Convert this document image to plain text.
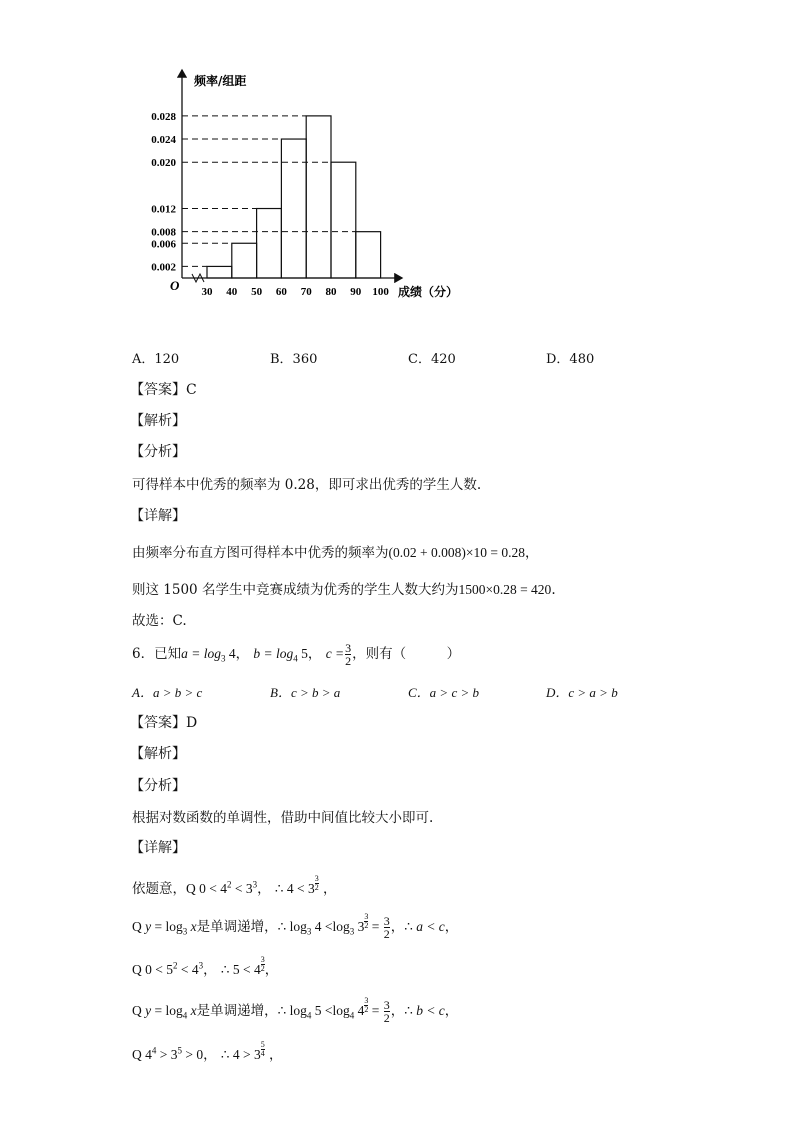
频率/组距
O	成绩（分）
0.028
0.024
0.020
0.012
0.008
0.006
0.002
30 40 50 60 70 80 90 100
A．120	B．360	C．420	D．480
【答案】C
【解析】
【分析】
可得样本中优秀的频率为 0.28，即可求出优秀的学生人数.
【详解】
由频率分布直方图可得样本中优秀的频率为(0.02 + 0.008)×10 = 0.28，
则这 1500 名学生中竞赛成绩为优秀的学生人数大约为1500×0.28 = 420.
故选：C.
6．已知$a = \log_3 4$， $b = \log_4 5$， $c = \frac{3}{2}$ ，则有（　　　）
A．a > b > c	B．c > b > a	C．a > c > b	D．c > a > b
【答案】D
【解析】
【分析】
根据对数函数的单调性，借助中间值比较大小即可.
【详解】
依题意，Q $0 < 4^2 < 3^3$， ∴ $4 < 3 \frac{3}{2}$ ，
Q $y = \log_3 x$是单调递增，∴ $\log_3 4 <\log_3$ $3 \frac{3}{2} = \frac{3}{2}$ ，∴ a < c，
Q $0 < 5^2 < 4^3$， ∴ $5 < 4 \frac{3}{2}$ ，
Q $y = \log_4 x$是单调递增，∴ $\log_4 5 <\log_4$ $4 \frac{3}{2} = \frac{3}{2}$ ，∴ b < c，
Q $4^4 > 3^5 > 0$， ∴ $4 > 3 \frac{5}{4}$ ，
